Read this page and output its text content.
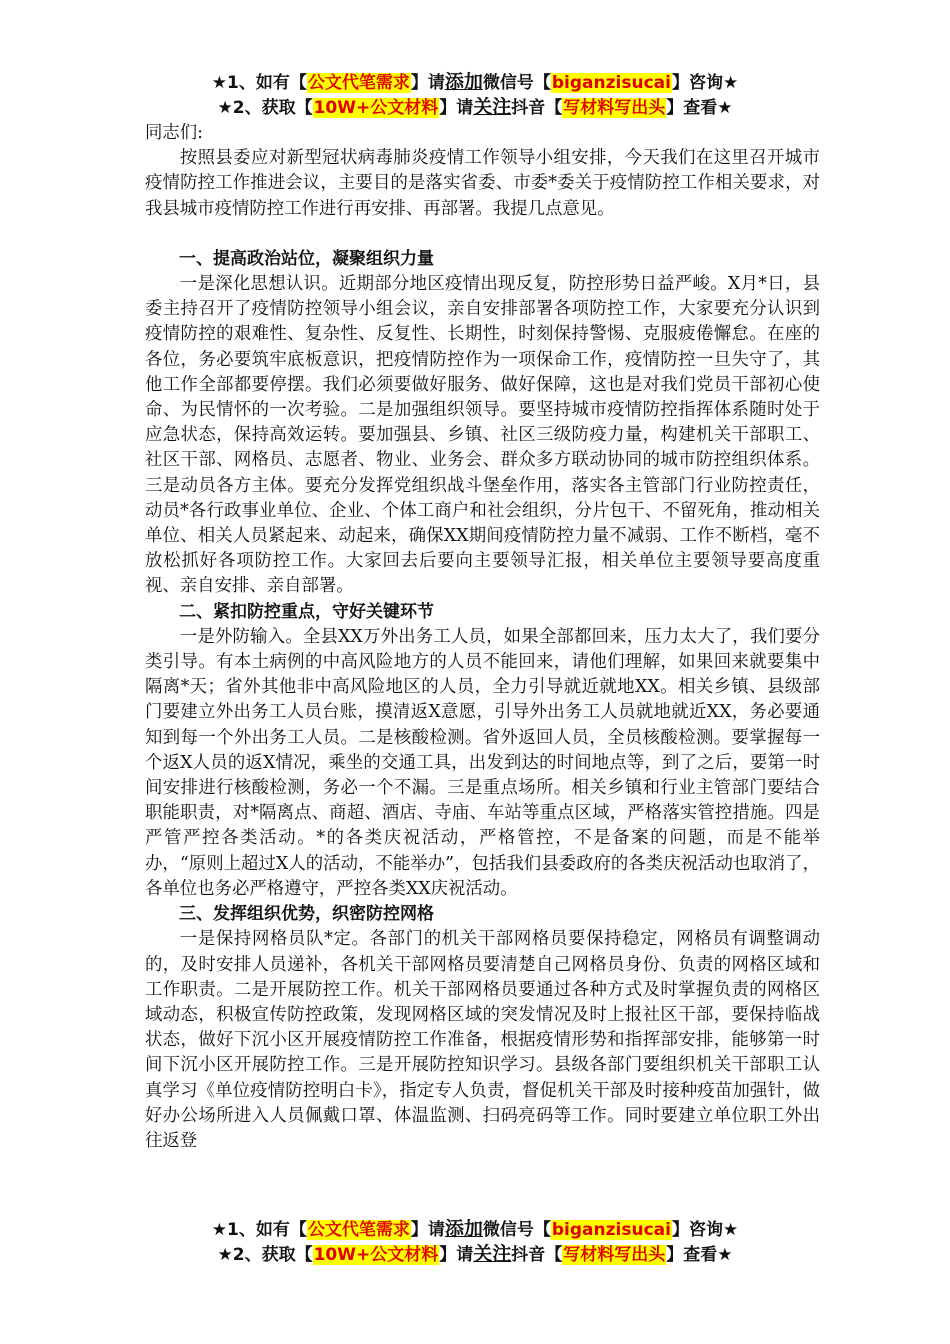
★1、如有【公文代笔需求】请添加微信号【biganzisucai】咨询★
★2、获取【10W+公文材料】请关注抖音【写材料写出头】查看★

同志们:

按照县委应对新型冠状病毒肺炎疫情工作领导小组安排，今天我们在这里召开城市疫情防控工作推进会议，主要目的是落实省委、市委*委关于疫情防控工作相关要求，对我县城市疫情防控工作进行再安排、再部署。我提几点意见。

一、提高政治站位，凝聚组织力量

一是深化思想认识。近期部分地区疫情出现反复，防控形势日益严峻。X月*日，县委主持召开了疫情防控领导小组会议，亲自安排部署各项防控工作，大家要充分认识到疫情防控的艰难性、复杂性、反复性、长期性，时刻保持警惕、克服疲倦懈怠。在座的各位，务必要筑牢底板意识，把疫情防控作为一项保命工作，疫情防控一旦失守了，其他工作全部都要停摆。我们必须要做好服务、做好保障，这也是对我们党员干部初心使命、为民情怀的一次考验。二是加强组织领导。要坚持城市疫情防控指挥体系随时处于应急状态，保持高效运转。要加强县、乡镇、社区三级防疫力量，构建机关干部职工、社区干部、网格员、志愿者、物业、业务会、群众多方联动协同的城市防控组织体系。三是动员各方主体。要充分发挥党组织战斗堡垒作用，落实各主管部门行业防控责任，动员*各行政事业单位、企业、个体工商户和社会组织，分片包干、不留死角，推动相关单位、相关人员紧起来、动起来，确保XX期间疫情防控力量不减弱、工作不断档，毫不放松抓好各项防控工作。大家回去后要向主要领导汇报，相关单位主要领导要高度重视、亲自安排、亲自部署。

二、紧扣防控重点，守好关键环节

一是外防输入。全县XX万外出务工人员，如果全部都回来，压力太大了，我们要分类引导。有本土病例的中高风险地方的人员不能回来，请他们理解，如果回来就要集中隔离*天；省外其他非中高风险地区的人员，全力引导就近就地XX。相关乡镇、县级部门要建立外出务工人员台账，摸清返X意愿，引导外出务工人员就地就近XX，务必要通知到每一个外出务工人员。二是核酸检测。省外返回人员，全员核酸检测。要掌握每一个返X人员的返X情况，乘坐的交通工具，出发到达的时间地点等，到了之后，要第一时间安排进行核酸检测，务必一个不漏。三是重点场所。相关乡镇和行业主管部门要结合职能职责，对*隔离点、商超、酒店、寺庙、车站等重点区域，严格落实管控措施。四是严管严控各类活动。*的各类庆祝活动，严格管控，不是备案的问题，而是不能举办，“原则上超过X人的活动，不能举办”，包括我们县委政府的各类庆祝活动也取消了，各单位也务必严格遵守，严控各类XX庆祝活动。

三、发挥组织优势，织密防控网格

一是保持网格员队*定。各部门的机关干部网格员要保持稳定，网格员有调整调动的，及时安排人员递补，各机关干部网格员要清楚自己网格员身份、负责的网格区域和工作职责。二是开展防控工作。机关干部网格员要通过各种方式及时掌握负责的网格区域动态，积极宣传防控政策，发现网格区域的突发情况及时上报社区干部，要保持临战状态，做好下沉小区开展疫情防控工作准备，根据疫情形势和指挥部安排，能够第一时间下沉小区开展防控工作。三是开展防控知识学习。县级各部门要组织机关干部职工认真学习《单位疫情防控明白卡》，指定专人负责，督促机关干部及时接种疫苗加强针，做好办公场所进入人员佩戴口罩、体温监测、扫码亮码等工作。同时要建立单位职工外出往返登

★1、如有【公文代笔需求】请添加微信号【biganzisucai】咨询★
★2、获取【10W+公文材料】请关注抖音【写材料写出头】查看★
